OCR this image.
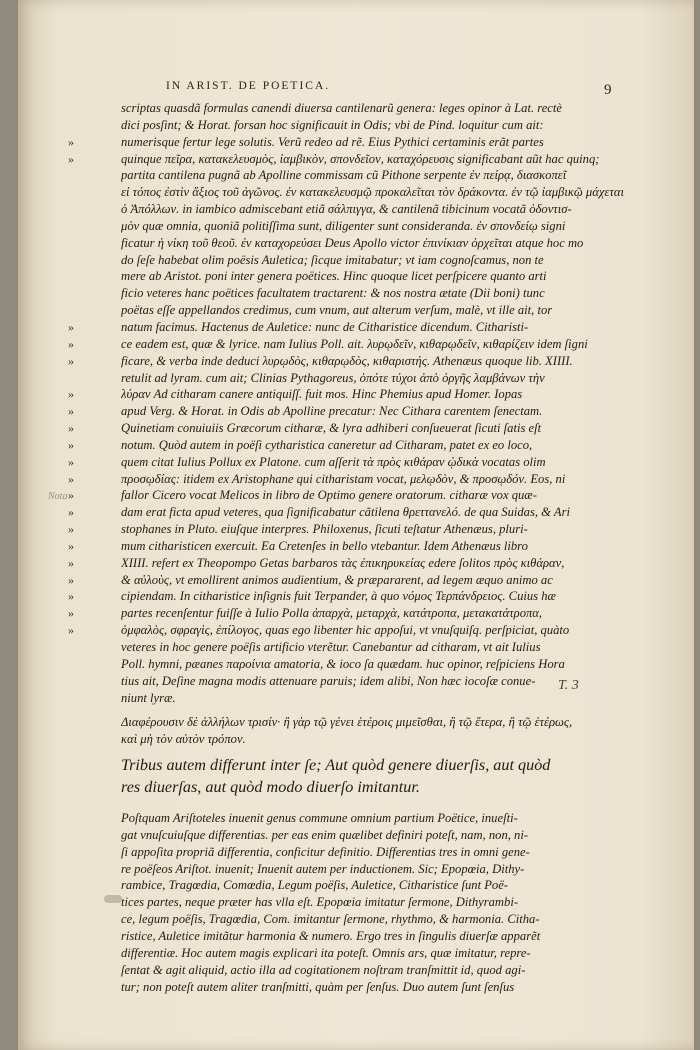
IN ARIST. DE POETICA.	9
Nota
T. 3
scriptas quasdã formulas canendi diuersa cantilenarũ genera: leges opinor à Lat. rectè
dici posſint; & Horat. forsan hoc significauit in Odis; vbi de Pind. loquitur cum ait:
numerisque fertur lege solutis. Verũ redeo ad rẽ. Eius Pythici certaminis erãt partes
quinque πεῖρα, κατακελευσμὸς, ἰαμβικὸν, σπονδεῖον, καταχόρευσις significabant aũt hac quinq;
partita cantilena pugnã ab Apolline commissam cũ Pithone serpente ἐν πείρᾳ, διασκοπεῖ
εἰ τόπος ἐστὶν ἄξιος τοῦ ἀγῶνος. ἐν κατακελευσμῷ προκαλεῖται τὸν δράκοντα. ἐν τῷ ἰαμβικῷ μάχεται
ὁ Ἀπόλλων. in iambico admiscebant etiã σάλπιγγα, & cantilenã tibicinum vocatã ὀδοντισ-
μὸν quæ omnia, quoniã politiſſima sunt, diligenter sunt consideranda. ἐν σπονδείῳ signi
ficatur ἡ νίκη τοῦ θεοῦ. ἐν καταχορεύσει Deus Apollo victor ἐπινίκιαν ὀρχεῖται atque hoc mo
do ſeſe habebat olim poësis Auletica; ſicque imitabatur; vt iam cognoſcamus, non te
mere ab Aristot. poni inter genera poëtices. Hinc quoque licet perſpicere quanto arti
ficio veteres hanc poëtices facultatem tractarent: & nos nostra ætate (Dii boni) tunc
poëtas eſſe appellandos credimus, cum vnum, aut alterum verſum, malè, vt ille ait, tor
natum facimus. Hactenus de Auletice: nunc de Citharistice dicendum. Citharisti-
ce eadem est, quæ & lyrice. nam Iulius Poll. ait. λυρῳδεῖν, κιθαρῳδεῖν, κιθαρίζειν idem ſigni
ficare, & verba inde deduci λυρῳδὸς, κιθαρῳδὸς, κιθαριστής. Athenæus quoque lib. XIIII.
retulit ad lyram. cum ait; Clinias Pythagoreus, ὁπότε τύχοι ἀπὸ ὀργῆς λαμβάνων τὴν
λύραν Ad citharam canere antiquiſſ. fuit mos. Hinc Phemius apud Homer. Iopas
apud Verg. & Horat. in Odis ab Apolline precatur: Nec Cithara carentem ſenectam.
Quinetiam conuiuiis Græcorum citharæ, & lyra adhiberi conſueuerat ſicuti ſatis eſt
notum. Quòd autem in poëſi cytharistica caneretur ad Citharam, patet ex eo loco,
quem citat Iulius Pollux ex Platone. cum aſſerit τὰ πρὸς κιθάραν ᾠδικὰ vocatas olim
προσῳδίας: itidem ex Aristophane qui citharistam vocat, μελῳδὸν, & προσῳδόν. Eos, ni
fallor Cicero vocat Melicos in libro de Optimo genere oratorum. citharæ vox quæ-
dam erat ficta apud veteres, qua ſignificabatur cãtilena θρεττανελό. de qua Suidas, & Ari
stophanes in Pluto. eiuſque interpres. Philoxenus, ſicuti teſtatur Athenæus, pluri-
mum citharisticen exercuit. Ea Cretenſes in bello vtebantur. Idem Athenæus libro
XIIII. refert ex Theopompo Getas barbaros τὰς ἐπικηρυκείας edere ſolitos πρὸς κιθάραν,
& αὐλοὺς, vt emollirent animos audientium, & præpararent, ad legem æquo animo ac
cipiendam. In citharistice inſignis fuit Terpander, à quo νόμος Τερπάνδρειος. Cuius hæ
partes recenſentur fuiſſe à Iulio Polla ἀπαρχὰ, μεταρχὰ, κατάτροπα, μετακατάτροπα,
ὀμφαλὸς, σφραγὶς, ἐπίλογος, quas ego libenter hic appoſui, vt vnuſquiſq. perſpiciat, quàto
veteres in hoc genere poëſis artificio vterẽtur. Canebantur ad citharam, vt ait Iulius
Poll. hymni, pæanes παροίνια amatoria, & ioco ſa quædam. huc opinor, reſpiciens Hora
tius ait, Deſine magna modis attenuare paruis; idem alibi, Non hæc iocoſæ conue-
niunt lyræ.
Διαφέρουσιν δὲ ἀλλήλων τρισίν· ἢ γὰρ τῷ γένει ἑτέροις μιμεῖσθαι, ἢ τῷ ἕτερα, ἢ τῷ ἑτέρως,
καὶ μὴ τὸν αὐτὸν τρόπον.
Tribus autem differunt inter ſe; Aut quòd genere diuerſis, aut quòd
res diuerſas, aut quòd modo diuerſo imitantur.
Poſtquam Ariſtoteles inuenit genus commune omnium partium Poëtice, inueſti-
gat vnuſcuiuſque differentias. per eas enim quælibet definiri poteſt, nam, non, ni-
ſi appoſita propriã differentia, conficitur definitio. Differentias tres in omni gene-
re poëſeos Ariſtot. inuenit; Inuenit autem per inductionem. Sic; Epopœia, Dithy-
rambice, Tragœdia, Comœdia, Legum poëſis, Auletice, Citharistice ſunt Poë-
tices partes, neque præter has vlla eſt. Epopœia imitatur ſermone, Dithyrambi-
ce, legum poëſis, Tragœdia, Com. imitantur ſermone, rhythmo, & harmonia. Citha-
ristice, Auletice imitãtur harmonia & numero. Ergo tres in ſingulis diuerſæ apparẽt
differentiæ. Hoc autem magis explicari ita poteſt. Omnis ars, quæ imitatur, repre-
ſentat & agit aliquid, actio illa ad cogitationem noſtram tranſmittit id, quod agi-
tur; non poteſt autem aliter tranſmitti, quàm per ſenſus. Duo autem ſunt ſenſus
»
»
»
»
»
»
»
»
»
»
»
»
»
»
»
»
»
»
»
»
